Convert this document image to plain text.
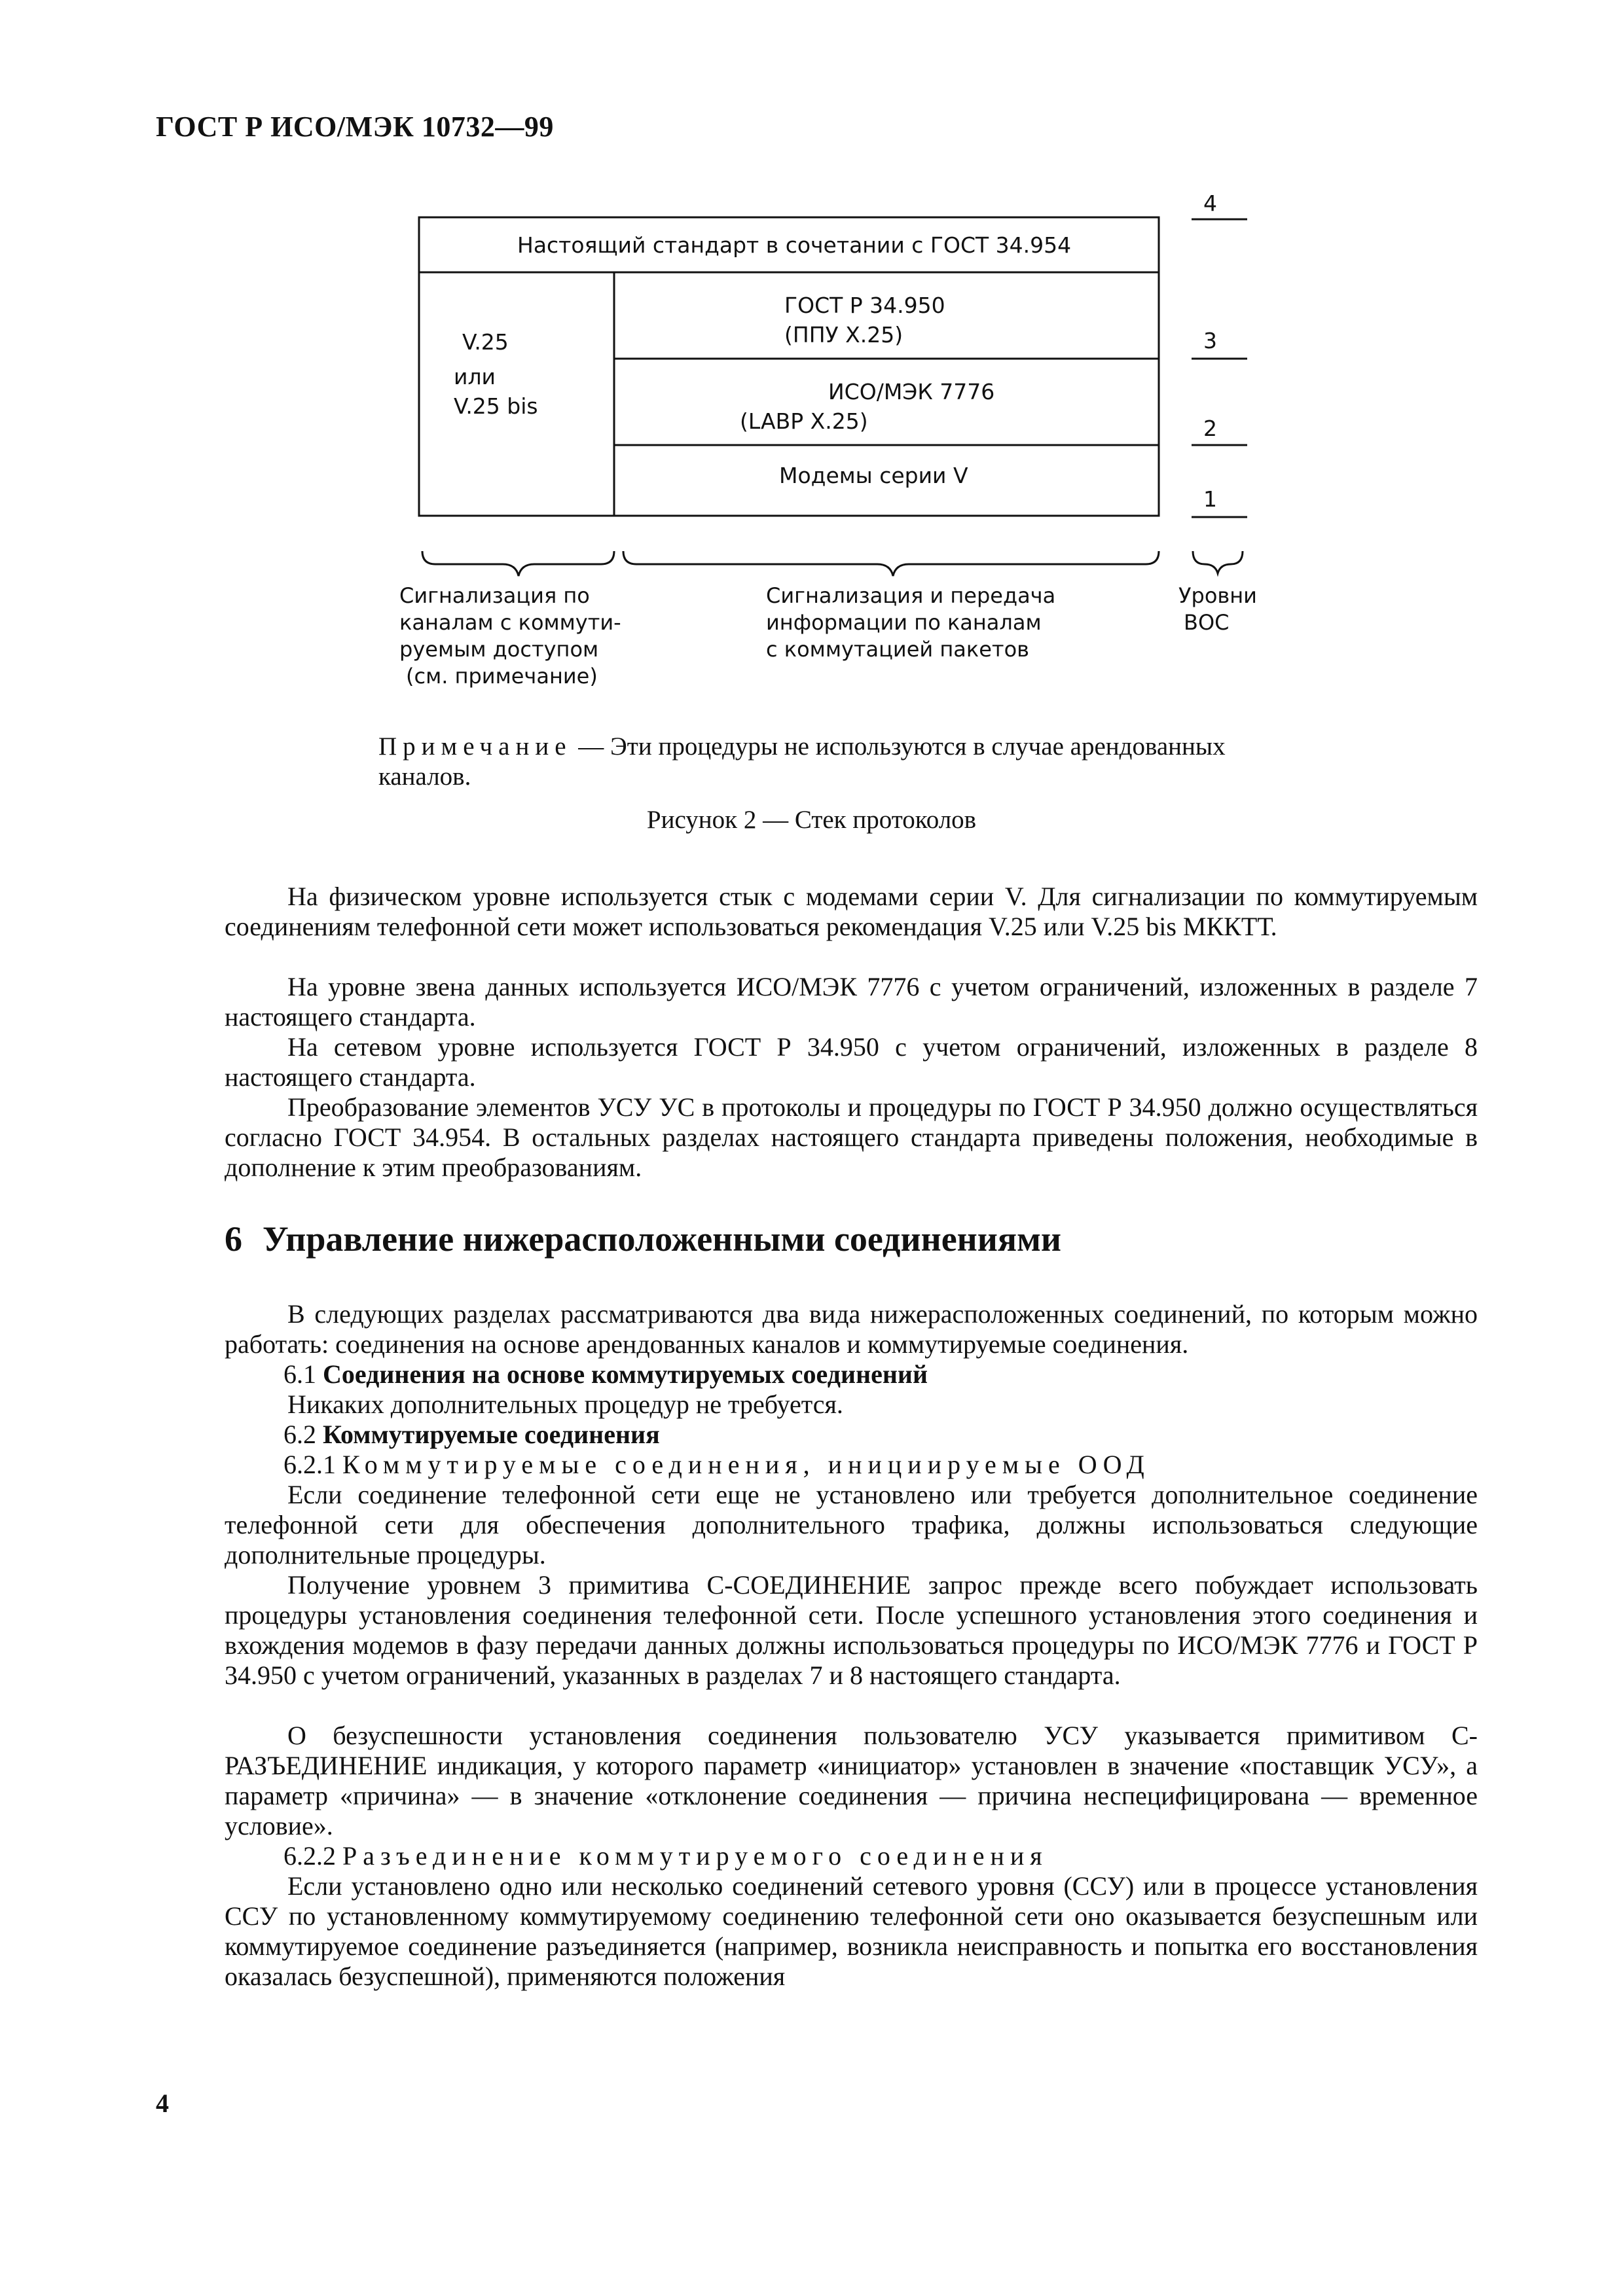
ГОСТ Р ИСО/МЭК 10732—99
Настоящий стандарт в сочетании с ГОСТ 34.954
V.25
или
V.25 bis
ГОСТ Р 34.950
(ППУ X.25)
ИСО/МЭК 7776
(LABP X.25)
Модемы серии V
4
3
2
1
Сигнализация по
каналам с коммути-
руемым доступом
(см. примечание)
Сигнализация и передача
информации по каналам
с коммутацией пакетов
Уровни
ВОС
Примечание — Эти процедуры не используются в случае арендованных каналов.
Рисунок 2 — Стек протоколов
На физическом уровне используется стык с модемами серии V. Для сигнализации по коммутируемым соединениям телефонной сети может использоваться рекомендация V.25 или V.25 bis МККТТ.
На уровне звена данных используется ИСО/МЭК 7776 с учетом ограничений, изложенных в разделе 7 настоящего стандарта.
На сетевом уровне используется ГОСТ Р 34.950 с учетом ограничений, изложенных в разделе 8 настоящего стандарта.
Преобразование элементов УСУ УС в протоколы и процедуры по ГОСТ Р 34.950 должно осуществляться согласно ГОСТ 34.954. В остальных разделах настоящего стандарта приведены положения, необходимые в дополнение к этим преобразованиям.
6 Управление нижерасположенными соединениями
В следующих разделах рассматриваются два вида нижерасположенных соединений, по которым можно работать: соединения на основе арендованных каналов и коммутируемые соединения.
6.1 Соединения на основе коммутируемых соединений
Никаких дополнительных процедур не требуется.
6.2 Коммутируемые соединения
6.2.1 Коммутируемые соединения, инициируемые ООД
Если соединение телефонной сети еще не установлено или требуется дополнительное соединение телефонной сети для обеспечения дополнительного трафика, должны использоваться следующие дополнительные процедуры.
Получение уровнем 3 примитива С-СОЕДИНЕНИЕ запрос прежде всего побуждает использовать процедуры установления соединения телефонной сети. После успешного установления этого соединения и вхождения модемов в фазу передачи данных должны использоваться процедуры по ИСО/МЭК 7776 и ГОСТ Р 34.950 с учетом ограничений, указанных в разделах 7 и 8 настоящего стандарта.
О безуспешности установления соединения пользователю УСУ указывается примитивом С-РАЗЪЕДИНЕНИЕ индикация, у которого параметр «инициатор» установлен в значение «поставщик УСУ», а параметр «причина» — в значение «отклонение соединения — причина неспецифицирована — временное условие».
6.2.2 Разъединение коммутируемого соединения
Если установлено одно или несколько соединений сетевого уровня (ССУ) или в процессе установления ССУ по установленному коммутируемому соединению телефонной сети оно оказывается безуспешным или коммутируемое соединение разъединяется (например, возникла неисправность и попытка его восстановления оказалась безуспешной), применяются положения
4
